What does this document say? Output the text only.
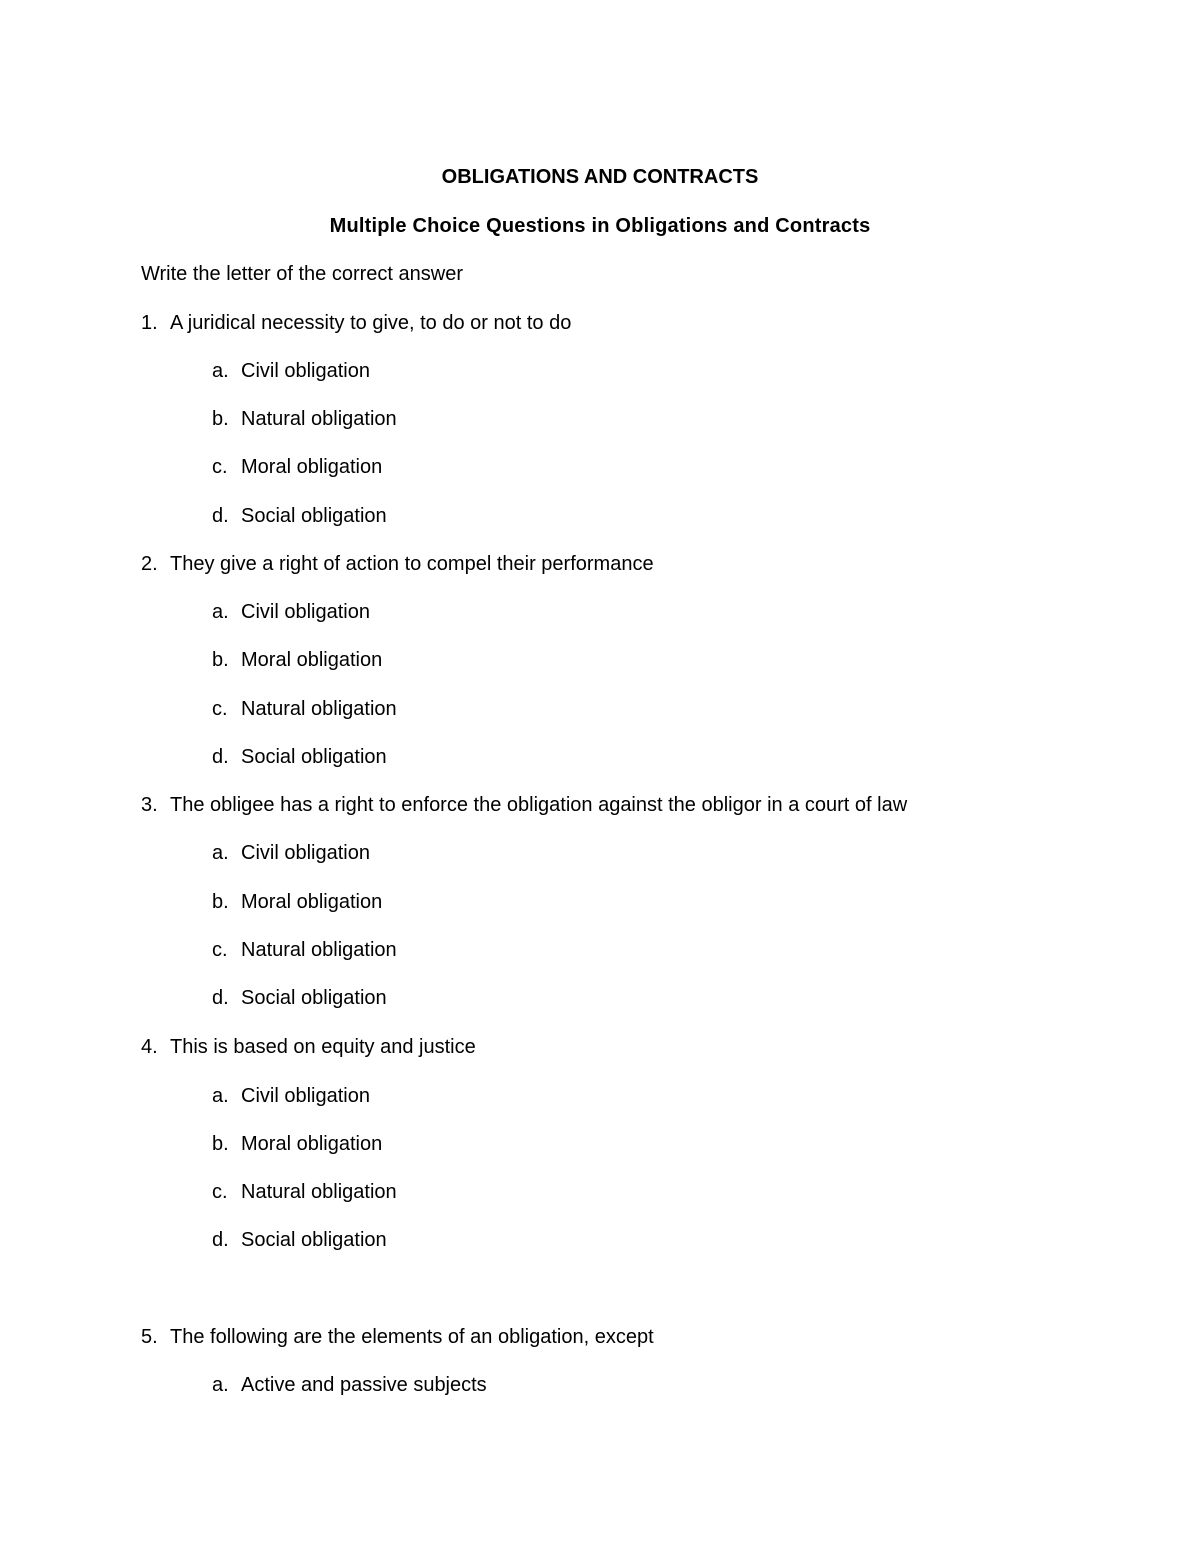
OBLIGATIONS AND CONTRACTS
Multiple Choice Questions in Obligations and Contracts
Write the letter of the correct answer
1. A juridical necessity to give, to do or not to do
a. Civil obligation
b. Natural obligation
c. Moral obligation
d. Social obligation
2. They give a right of action to compel their performance
a. Civil obligation
b. Moral obligation
c. Natural obligation
d. Social obligation
3. The obligee has a right to enforce the obligation against the obligor in a court of law
a. Civil obligation
b. Moral obligation
c. Natural obligation
d. Social obligation
4. This is based on equity and justice
a. Civil obligation
b. Moral obligation
c. Natural obligation
d. Social obligation
5. The following are the elements of an obligation, except
a. Active and passive subjects
